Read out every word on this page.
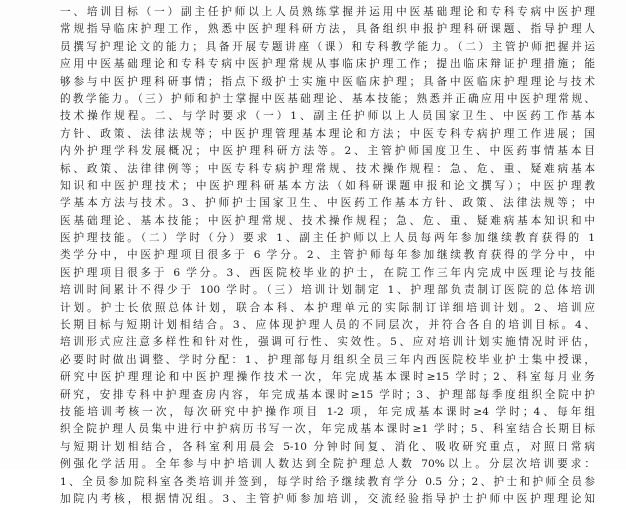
一、培训目标（一）副主任护师以上人员熟练掌握并运用中医基础理论和专科专病中医护理
常规指导临床护理工作，熟悉中医护理科研方法，具备组织申报护理科研课题、指导护理人
员撰写护理论文的能力；具备开展专题讲座（课）和专科教学能力。（二）主管护师把握并运
应用中医基础理论和专科专病中医护理常规从事临床护理工作；提出临床辩证护理措施；能
够参与中医护理科研事情；指点下级护士实施中医临床护理；具备中医临床护理理论与技术
的教学能力。（三）护师和护士掌握中医基础理论、基本技能；熟悉并正确应用中医护理常规、
技术操作规程。二、与学时要求（一）1、副主任护师以上人员国家卫生、中医药工作基本
方针、政策、法律法规等；中医护理管理基本理论和方法；中医专科专病护理工作进展；国
内外护理学科发展概况；中医护理科研方法等。2、主管护师国度卫生、中医药事情基本目
标、政策、法律律例等；中医专科专病护理常规、技术操作规程：急、危、重、疑难病基本
知识和中医护理技术；中医护理科研基本方法（如科研课题申报和论文撰写）；中医护理教
学基本方法与技术。3、护师护士国家卫生、中医药工作基本方针、政策、法律法规等；中
医基础理论、基本技能；中医护理常规、技术操作规程；急、危、重、疑难病基本知识和中
医护理技能。（二）学时（分）要求 1、副主任护师以上人员每两年参加继续教育获得的 1
类学分中，中医护理项目很多于 6 学分。2、主管护师每年参加继续教育获得的学分中，中
医护理项目很多于 6 学分。3、西医院校毕业的护士，在院工作三年内完成中医理论与技能
培训时间累计不得少于 100 学时。（三）培训计划制定 1、护理部负责制订医院的总体培训
计划。护士长依照总体计划，联合本科、本护理单元的实际制订详细培训计划。2、培训应
长期目标与短期计划相结合。3、应体现护理人员的不同层次，并符合各自的培训目标。4、
培训形式应注意多样性和针对性，强调可行性、实效性。5、应对培训计划实施情况时评估，
必要时时做出调整、学时分配：1、护理部每月组织全员三年内西医院校毕业护士集中授课，
研究中医护理理论和中医护理操作技术一次，年完成基本课时≥15 学时；2、科室每月业务
研究，安排专科中护理查房内容，年完成基本课时≥15 学时；3、护理部每季度组织全院中护
技能培训考核一次，每次研究中护操作项目 1-2 项，年完成基本课时≥4 学时；4、每年组
织全院护理人员集中进行中护病历书写一次，年完成基本课时≥1 学时；5、科室结合长期目标
与短期计划相结合，各科室利用晨会 5-10 分钟时间复、消化、吸收研究重点，对照日常病
例强化学活用。全年参与中护培训人数达到全院护理总人数 70%以上。分层次培训要求：
1、全员参加院科室各类培训并签到，每学时给予继续教育学分 0.5 分；2、护士和护师全员参
加院内考核，根据情况组。3、主管护师参加培训，交流经验指导护士护师中医护理理论知
